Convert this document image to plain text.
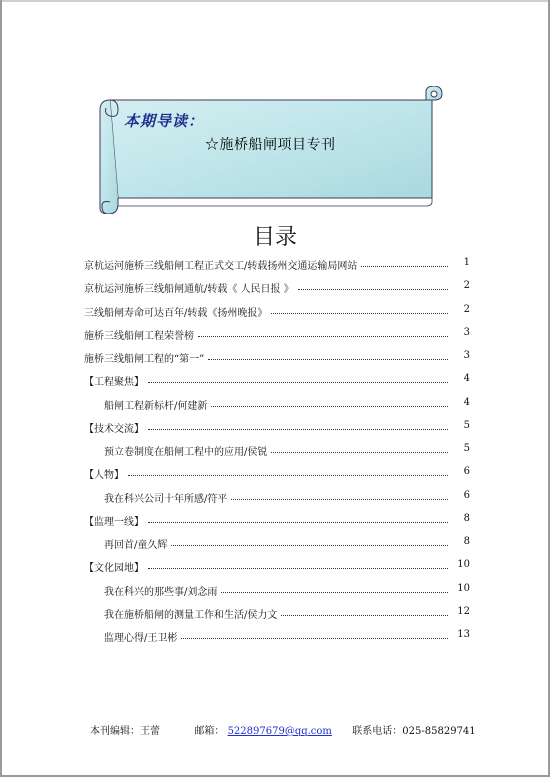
本期导读：
☆施桥船闸项目专刊
目录
京杭运河施桥三线船闸工程正式交工/转载扬州交通运输局网站	1
京杭运河施桥三线船闸通航/转载《 人民日报 》	2
三线船闸寿命可达百年/转载《扬州晚报》	2
施桥三线船闸工程荣誉榜	3
施桥三线船闸工程的“第一”	3
【工程聚焦】	4
船闸工程新标杆/何建新	4
【技术交流】	5
预立卷制度在船闸工程中的应用/侯锐	5
【人物】	6
我在科兴公司十年所感/符平	6
【监理一线】	8
再回首/童久辉	8
【文化园地】	10
我在科兴的那些事/刘念雨	10
我在施桥船闸的测量工作和生活/侯力文	12
监理心得/王卫彬	13
本刊编辑：王蕾	邮箱： 522897679@qq.com 联系电话：025-85829741
